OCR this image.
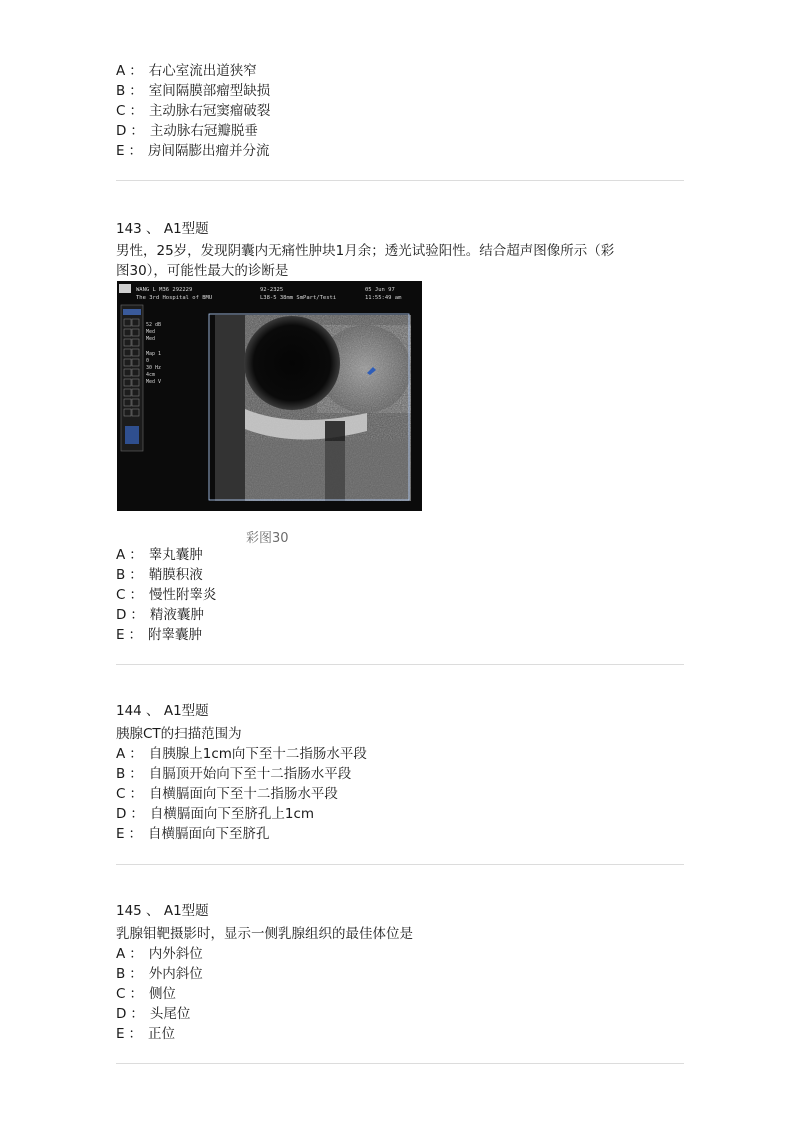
A ： 右心室流出道狭窄
B ： 室间隔膜部瘤型缺损
C ： 主动脉右冠窦瘤破裂
D ： 主动脉右冠瓣脱垂
E ： 房间隔膨出瘤并分流
143 、 A1型题
男性，25岁，发现阴囊内无痛性肿块1月余；透光试验阳性。结合超声图像所示（彩
图30），可能性最大的诊断是
WANG L M36 292229
The 3rd Hospital of BMU
92-2325
L38-5 38mm SmPart/Testi
05 Jun 97
11:55:49 am
52 dB
Med
Med
Map 1
0
30 Hz
4cm
Med V
彩图30
A ： 睾丸囊肿
B ： 鞘膜积液
C ： 慢性附睾炎
D ： 精液囊肿
E ： 附睾囊肿
144 、 A1型题
胰腺CT的扫描范围为
A ： 自胰腺上1cm向下至十二指肠水平段
B ： 自膈顶开始向下至十二指肠水平段
C ： 自横膈面向下至十二指肠水平段
D ： 自横膈面向下至脐孔上1cm
E ： 自横膈面向下至脐孔
145 、 A1型题
乳腺钼靶摄影时，显示一侧乳腺组织的最佳体位是
A ： 内外斜位
B ： 外内斜位
C ： 侧位
D ： 头尾位
E ： 正位
